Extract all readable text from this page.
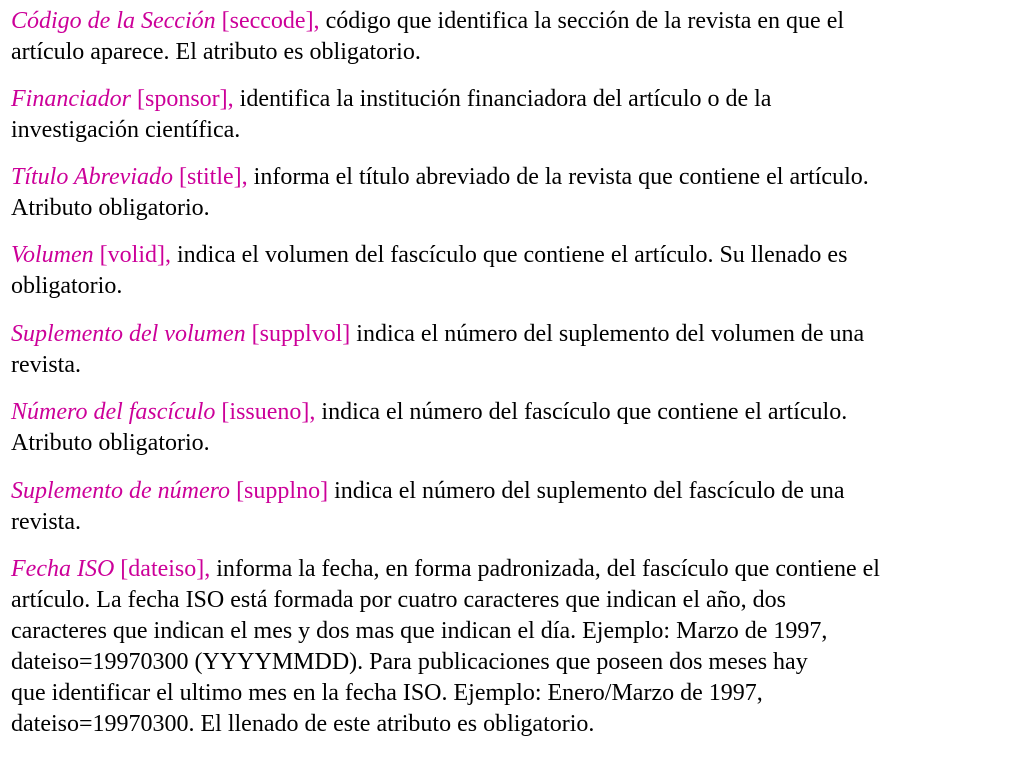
Código de la Sección [seccode], código que identifica la sección de la revista en que el
artículo aparece. El atributo es obligatorio.
Financiador [sponsor], identifica la institución financiadora del artículo o de la
investigación científica.
Título Abreviado [stitle], informa el título abreviado de la revista que contiene el artículo.
Atributo obligatorio.
Volumen [volid], indica el volumen del fascículo que contiene el artículo. Su llenado es
obligatorio.
Suplemento del volumen [supplvol] indica el número del suplemento del volumen de una
revista.
Número del fascículo [issueno], indica el número del fascículo que contiene el artículo.
Atributo obligatorio.
Suplemento de número [supplno] indica el número del suplemento del fascículo de una
revista.
Fecha ISO [dateiso], informa la fecha, en forma padronizada, del fascículo que contiene el
artículo. La fecha ISO está formada por cuatro caracteres que indican el año, dos
caracteres que indican el mes y dos mas que indican el día. Ejemplo: Marzo de 1997,
dateiso=19970300 (YYYYMMDD). Para publicaciones que poseen dos meses hay
que identificar el ultimo mes en la fecha ISO. Ejemplo: Enero/Marzo de 1997,
dateiso=19970300. El llenado de este atributo es obligatorio.
